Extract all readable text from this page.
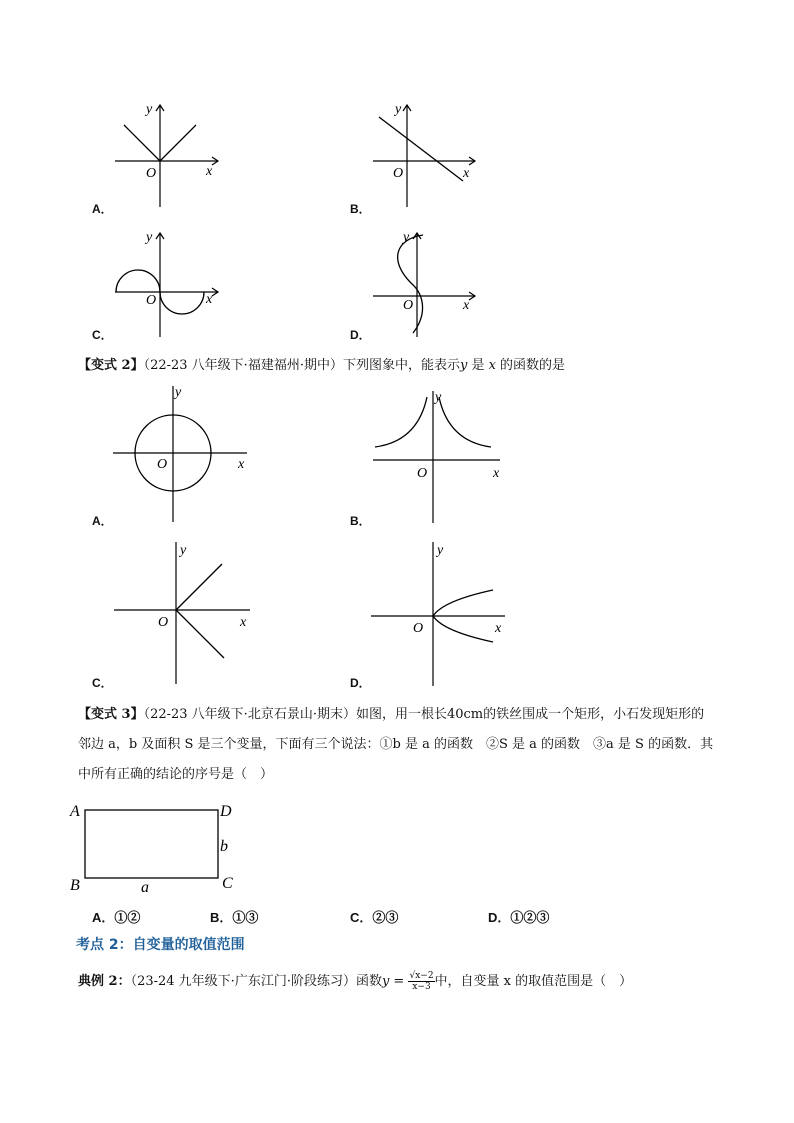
y
x
O
A．
y
x
O
B．
y
x
O
C．
y
x
O
D．
【变式 2】（22-23 八年级下·福建福州·期中）下列图象中，能表示y 是 x 的函数的是
y
x
O
A．
y
x
O
B．
y
x
O
C．
y
x
O
D．
【变式 3】（22-23 八年级下·北京石景山·期末）如图，用一根长40cm的铁丝围成一个矩形，小石发现矩形的
邻边 a，b 及面积 S 是三个变量，下面有三个说法：①b 是 a 的函数　②S 是 a 的函数　③a 是 S 的函数．其
中所有正确的结论的序号是（　）
A	D
B	C
b
a
A．①②	B．①③	C．②③	D．①②③
考点 2：自变量的取值范围
典例 2：（23-24 九年级下·广东江门·阶段练习）函数$y = \frac{√x-2}{x-3}$ 中，自变量 x 的取值范围是（　）
